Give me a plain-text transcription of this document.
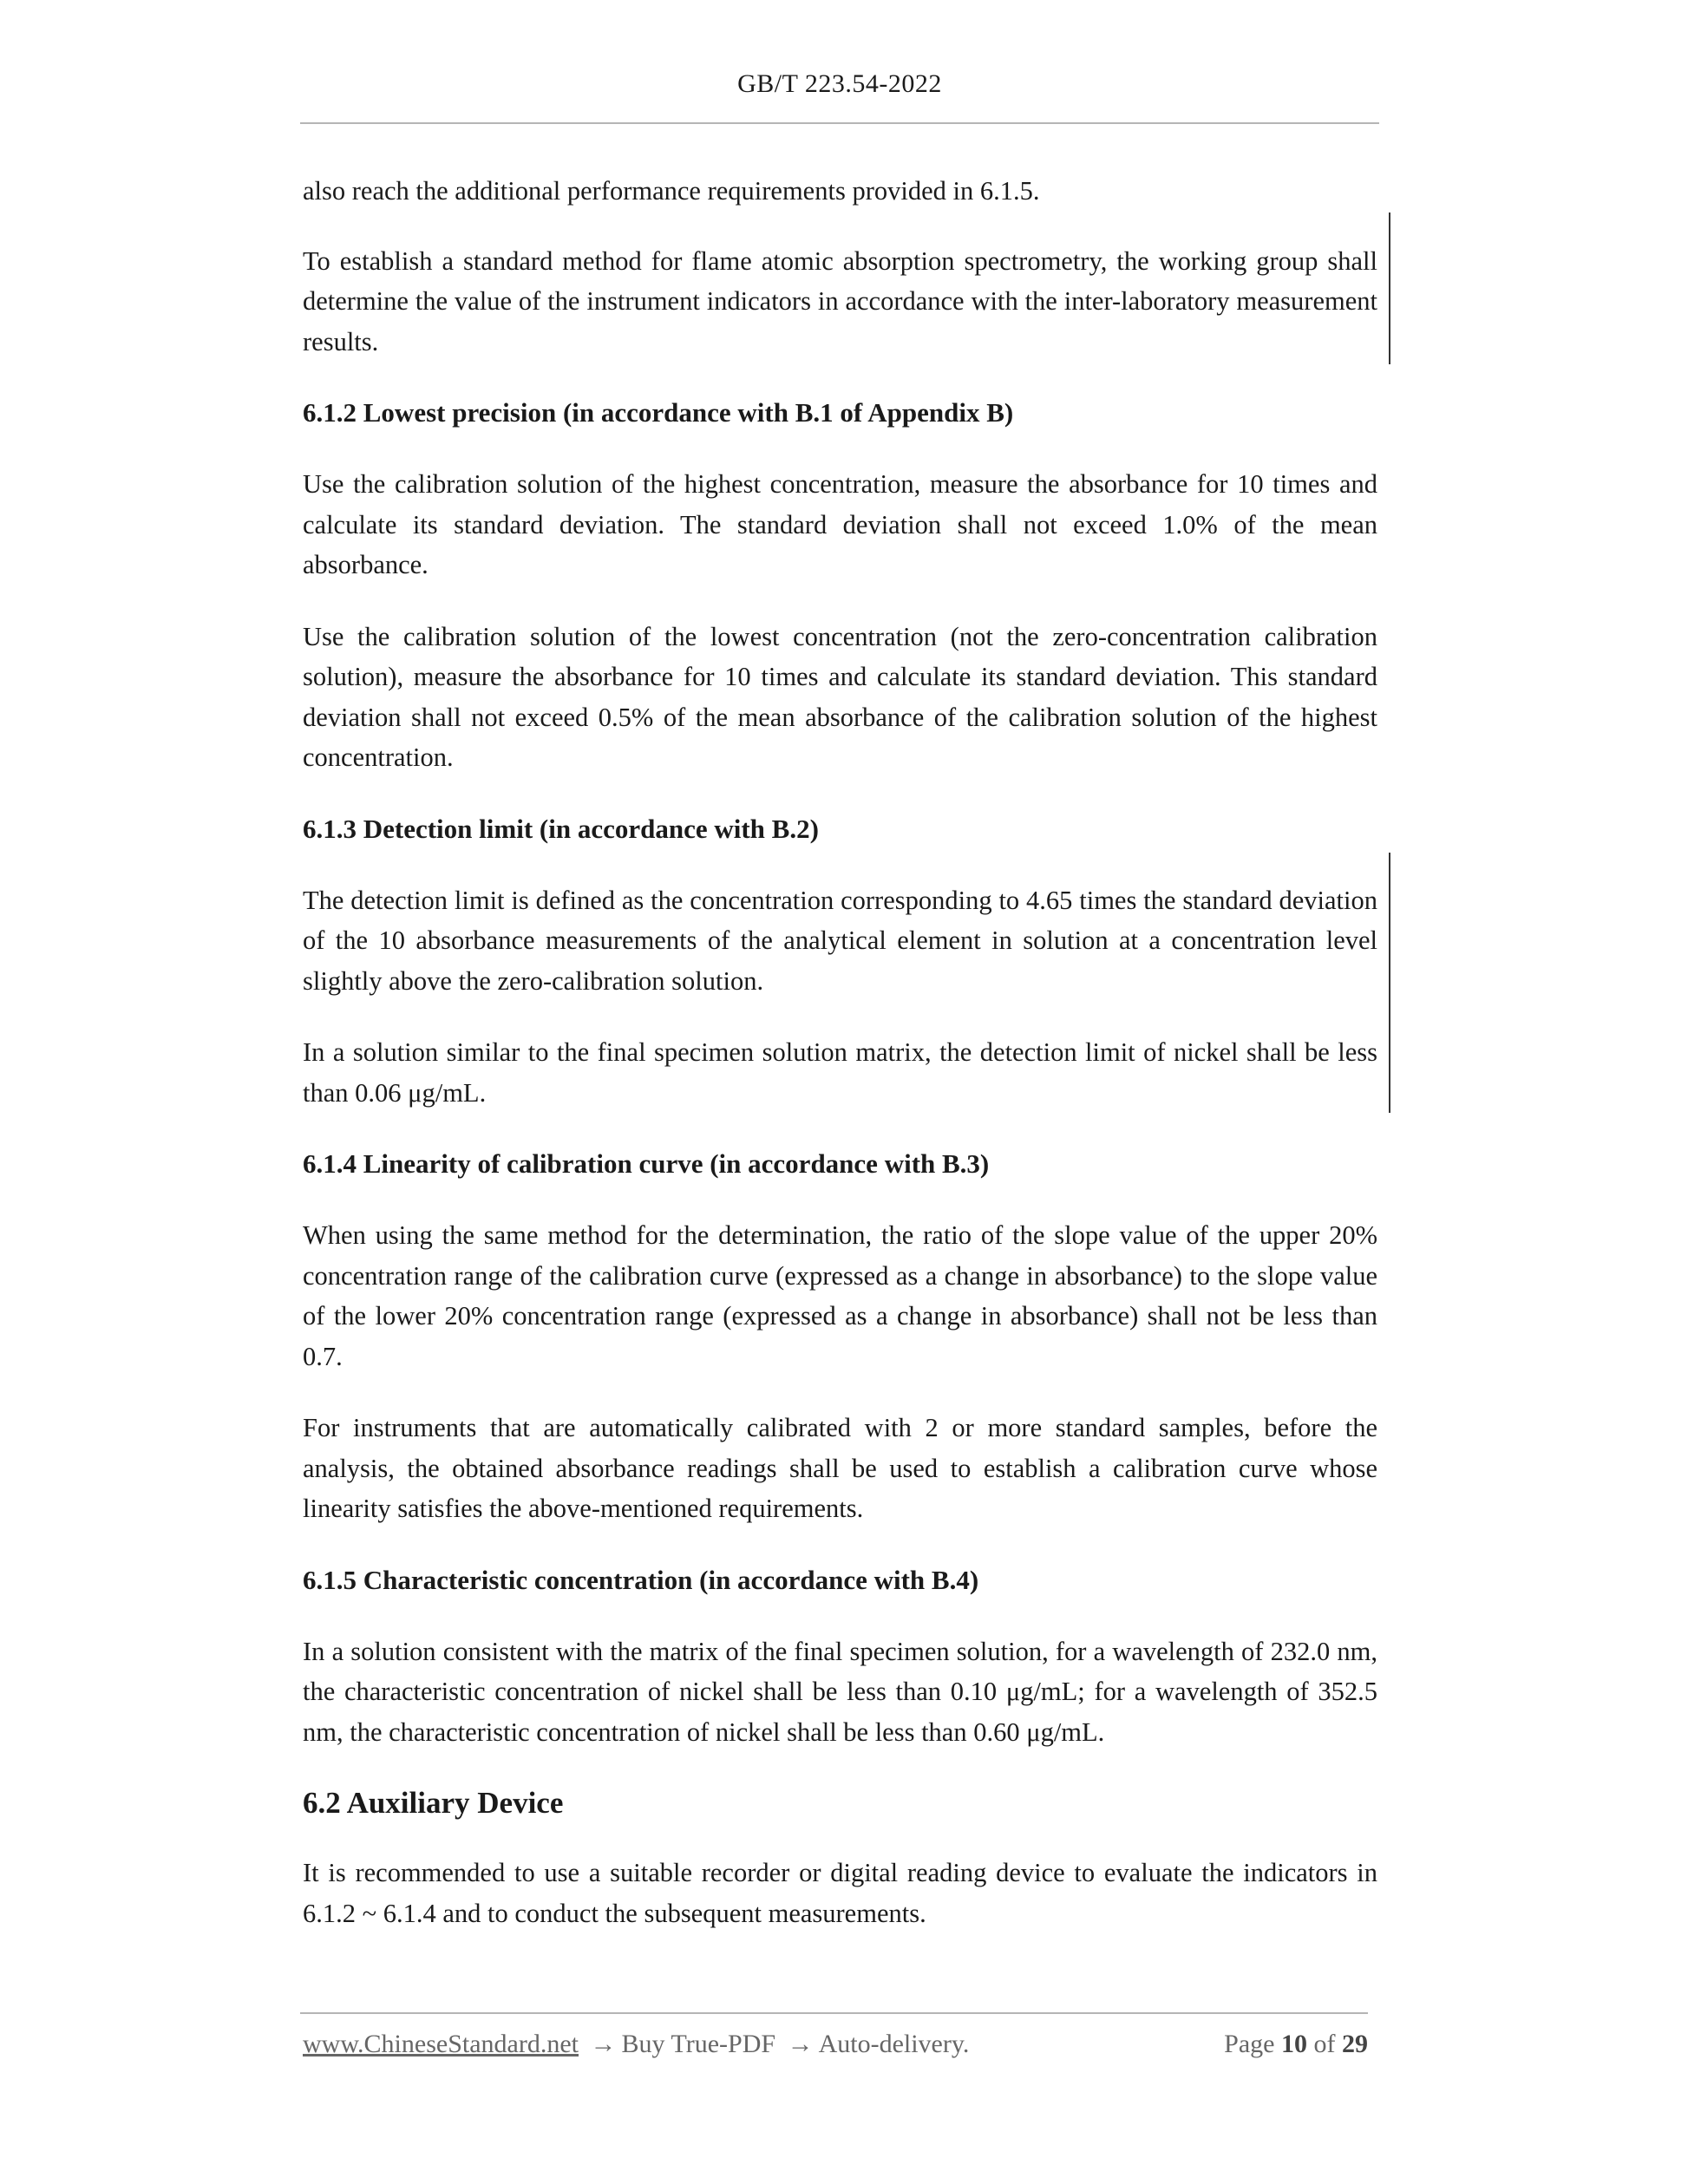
GB/T 223.54-2022

also reach the additional performance requirements provided in 6.1.5.

To establish a standard method for flame atomic absorption spectrometry, the working group shall determine the value of the instrument indicators in accordance with the inter-laboratory measurement results.

6.1.2 Lowest precision (in accordance with B.1 of Appendix B)

Use the calibration solution of the highest concentration, measure the absorbance for 10 times and calculate its standard deviation. The standard deviation shall not exceed 1.0% of the mean absorbance.

Use the calibration solution of the lowest concentration (not the zero-concentration calibration solution), measure the absorbance for 10 times and calculate its standard deviation. This standard deviation shall not exceed 0.5% of the mean absorbance of the calibration solution of the highest concentration.

6.1.3 Detection limit (in accordance with B.2)

The detection limit is defined as the concentration corresponding to 4.65 times the standard deviation of the 10 absorbance measurements of the analytical element in solution at a concentration level slightly above the zero-calibration solution.

In a solution similar to the final specimen solution matrix, the detection limit of nickel shall be less than 0.06 μg/mL.

6.1.4 Linearity of calibration curve (in accordance with B.3)

When using the same method for the determination, the ratio of the slope value of the upper 20% concentration range of the calibration curve (expressed as a change in absorbance) to the slope value of the lower 20% concentration range (expressed as a change in absorbance) shall not be less than 0.7.

For instruments that are automatically calibrated with 2 or more standard samples, before the analysis, the obtained absorbance readings shall be used to establish a calibration curve whose linearity satisfies the above-mentioned requirements.

6.1.5 Characteristic concentration (in accordance with B.4)

In a solution consistent with the matrix of the final specimen solution, for a wavelength of 232.0 nm, the characteristic concentration of nickel shall be less than 0.10 μg/mL; for a wavelength of 352.5 nm, the characteristic concentration of nickel shall be less than 0.60 μg/mL.

6.2 Auxiliary Device

It is recommended to use a suitable recorder or digital reading device to evaluate the indicators in 6.1.2 ~ 6.1.4 and to conduct the subsequent measurements.

www.ChineseStandard.net → Buy True-PDF → Auto-delivery.	Page 10 of 29
